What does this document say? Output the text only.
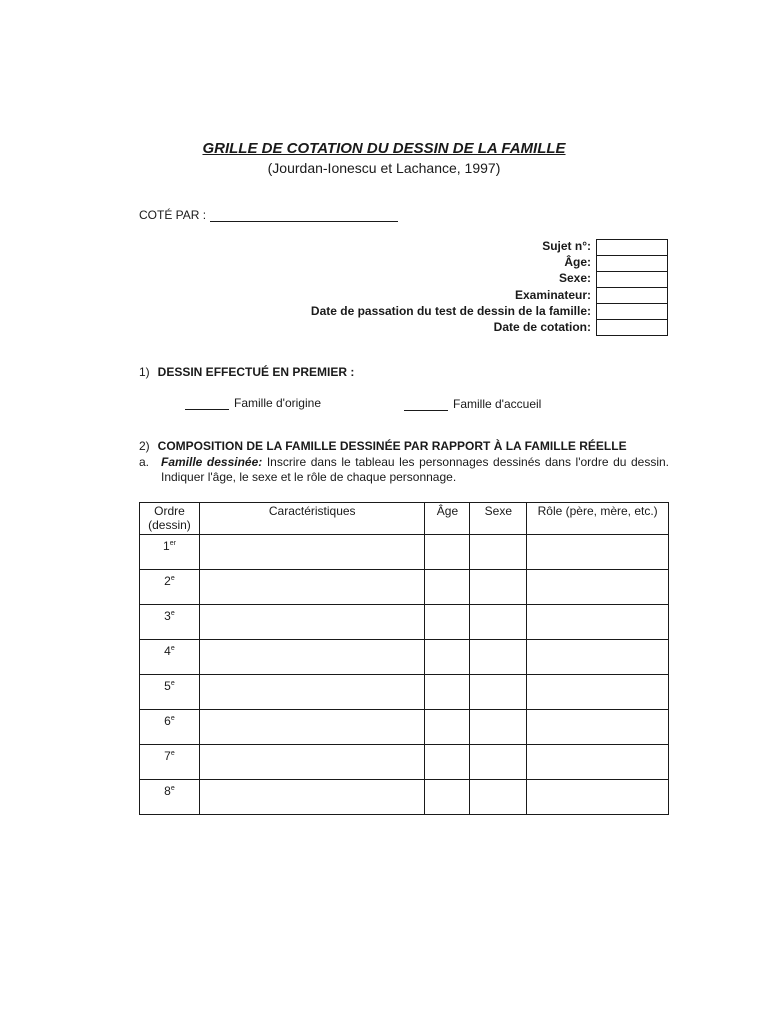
GRILLE DE COTATION DU DESSIN DE LA FAMILLE
(Jourdan-Ionescu et Lachance, 1997)
COTÉ PAR :
Sujet n°:
Âge:
Sexe:
Examinateur:
Date de passation du test de dessin de la famille:
Date de cotation:
1) DESSIN EFFECTUÉ EN PREMIER :
Famille d'origine	Famille d'accueil
2) COMPOSITION DE LA FAMILLE DESSINÉE PAR RAPPORT À LA FAMILLE RÉELLE
a. Famille dessinée: Inscrire dans le tableau les personnages dessinés dans l'ordre du dessin. Indiquer l'âge, le sexe et le rôle de chaque personnage.
Ordre (dessin)	Caractéristiques	Âge	Sexe	Rôle (père, mère, etc.)
1er				
2e				
3e				
4e				
5e				
6e				
7e				
8e				
